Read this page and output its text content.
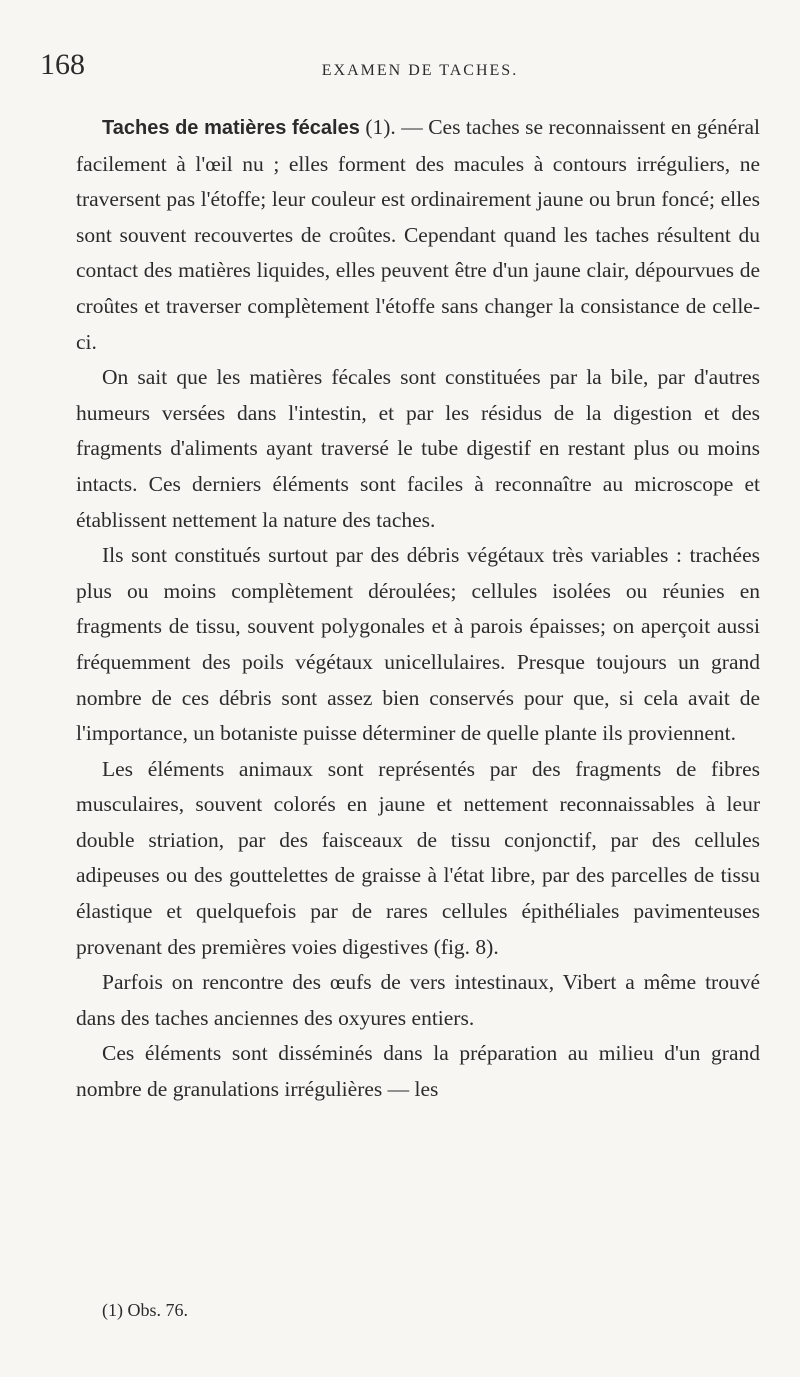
168	EXAMEN DE TACHES.

Taches de matières fécales (1). — Ces taches se reconnaissent en général facilement à l'œil nu ; elles forment des macules à contours irréguliers, ne traversent pas l'étoffe; leur couleur est ordinairement jaune ou brun foncé; elles sont souvent recouvertes de croûtes. Cependant quand les taches résultent du contact des matières liquides, elles peuvent être d'un jaune clair, dépourvues de croûtes et traverser complètement l'étoffe sans changer la consistance de celle-ci.

On sait que les matières fécales sont constituées par la bile, par d'autres humeurs versées dans l'intestin, et par les résidus de la digestion et des fragments d'aliments ayant traversé le tube digestif en restant plus ou moins intacts. Ces derniers éléments sont faciles à reconnaître au microscope et établissent nettement la nature des taches.

Ils sont constitués surtout par des débris végétaux très variables : trachées plus ou moins complètement déroulées; cellules isolées ou réunies en fragments de tissu, souvent polygonales et à parois épaisses; on aperçoit aussi fréquemment des poils végétaux unicellulaires. Presque toujours un grand nombre de ces débris sont assez bien conservés pour que, si cela avait de l'importance, un botaniste puisse déterminer de quelle plante ils proviennent.

Les éléments animaux sont représentés par des fragments de fibres musculaires, souvent colorés en jaune et nettement reconnaissables à leur double striation, par des faisceaux de tissu conjonctif, par des cellules adipeuses ou des gouttelettes de graisse à l'état libre, par des parcelles de tissu élastique et quelquefois par de rares cellules épithéliales pavimenteuses provenant des premières voies digestives (fig. 8).

Parfois on rencontre des œufs de vers intestinaux, Vibert a même trouvé dans des taches anciennes des oxyures entiers.

Ces éléments sont disséminés dans la préparation au milieu d'un grand nombre de granulations irrégulières — les

(1) Obs. 76.
